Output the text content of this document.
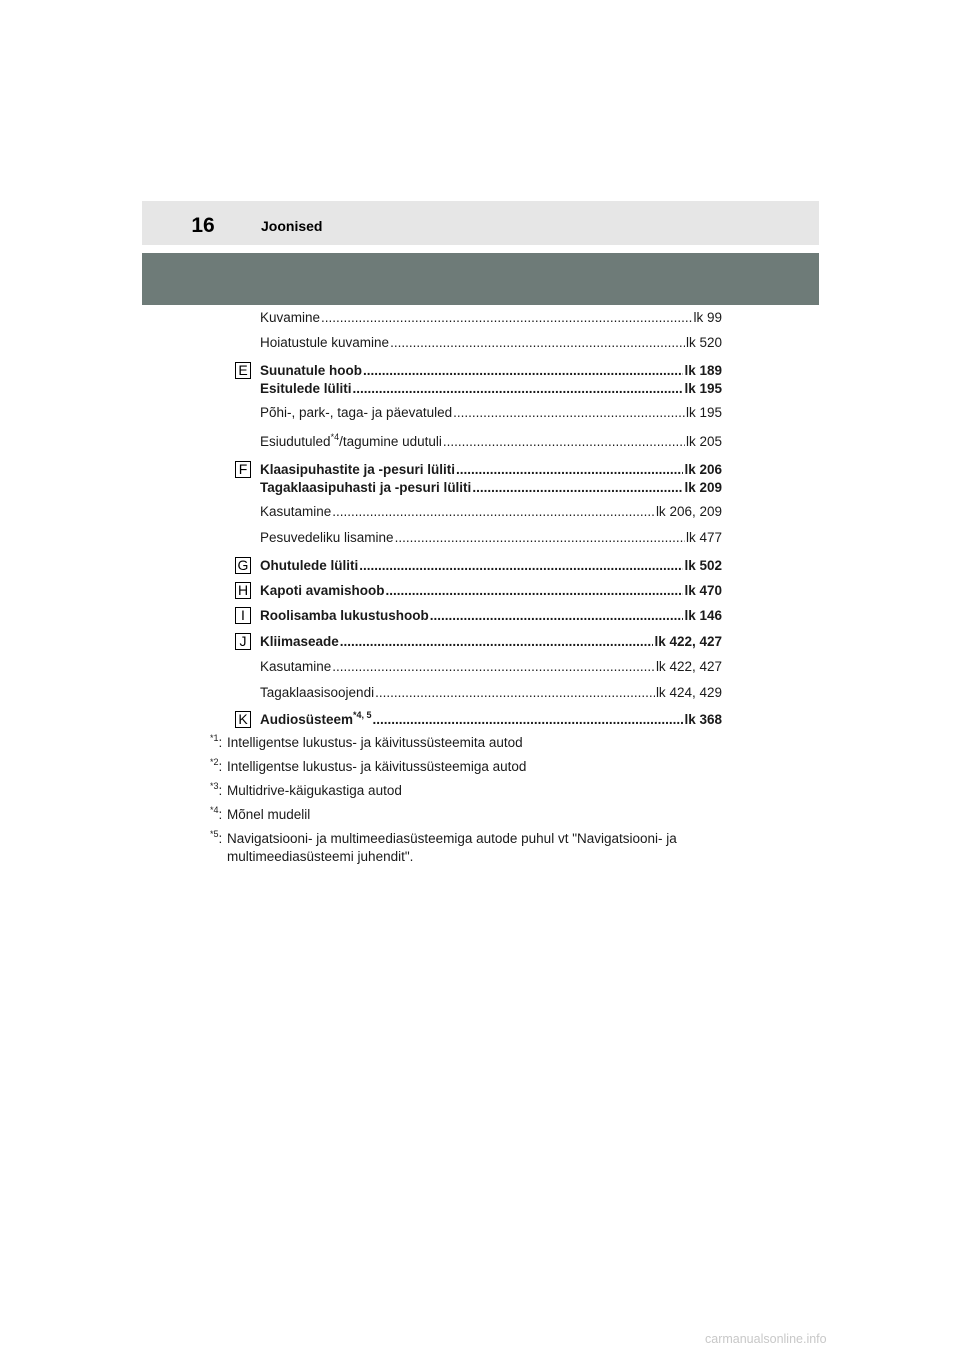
16	Joonised
Kuvamine .....	lk 99
Hoiatustule kuvamine .....	lk 520
E Suunatule hoob .....	lk 189
Esitulede lüliti .....	lk 195
Põhi-, park-, taga- ja päevatuled .....	lk 195
Esiudutuled$^{*4}$/tagumine udutuli .....	lk 205
F Klaasipuhastite ja -pesuri lüliti .....	lk 206
Tagaklaasipuhasti ja -pesuri lüliti .....	lk 209
Kasutamine .....	lk 206, 209
Pesuvedeliku lisamine .....	lk 477
G Ohutulede lüliti .....	lk 502
H Kapoti avamishoob .....	lk 470
I	Roolisamba lukustushoob .....	lk 146
J	Kliimaseade .....	lk 422, 427
Kasutamine .....	lk 422, 427
Tagaklaasisoojendi .....	lk 424, 429
K Audiosüsteem$^{*4, 5}$ .....	lk 368
$^{*1}$: Intelligentse lukustus- ja käivitussüsteemita autod
$^{*2}$: Intelligentse lukustus- ja käivitussüsteemiga autod
$^{*3}$: Multidrive-käigukastiga autod
$^{*4}$: Mõnel mudelil
$^{*5}$: Navigatsiooni- ja multimeediasüsteemiga autode puhul vt "Navigatsiooni- ja multimeediasüsteemi juhendit".
carmanualsonline.info
